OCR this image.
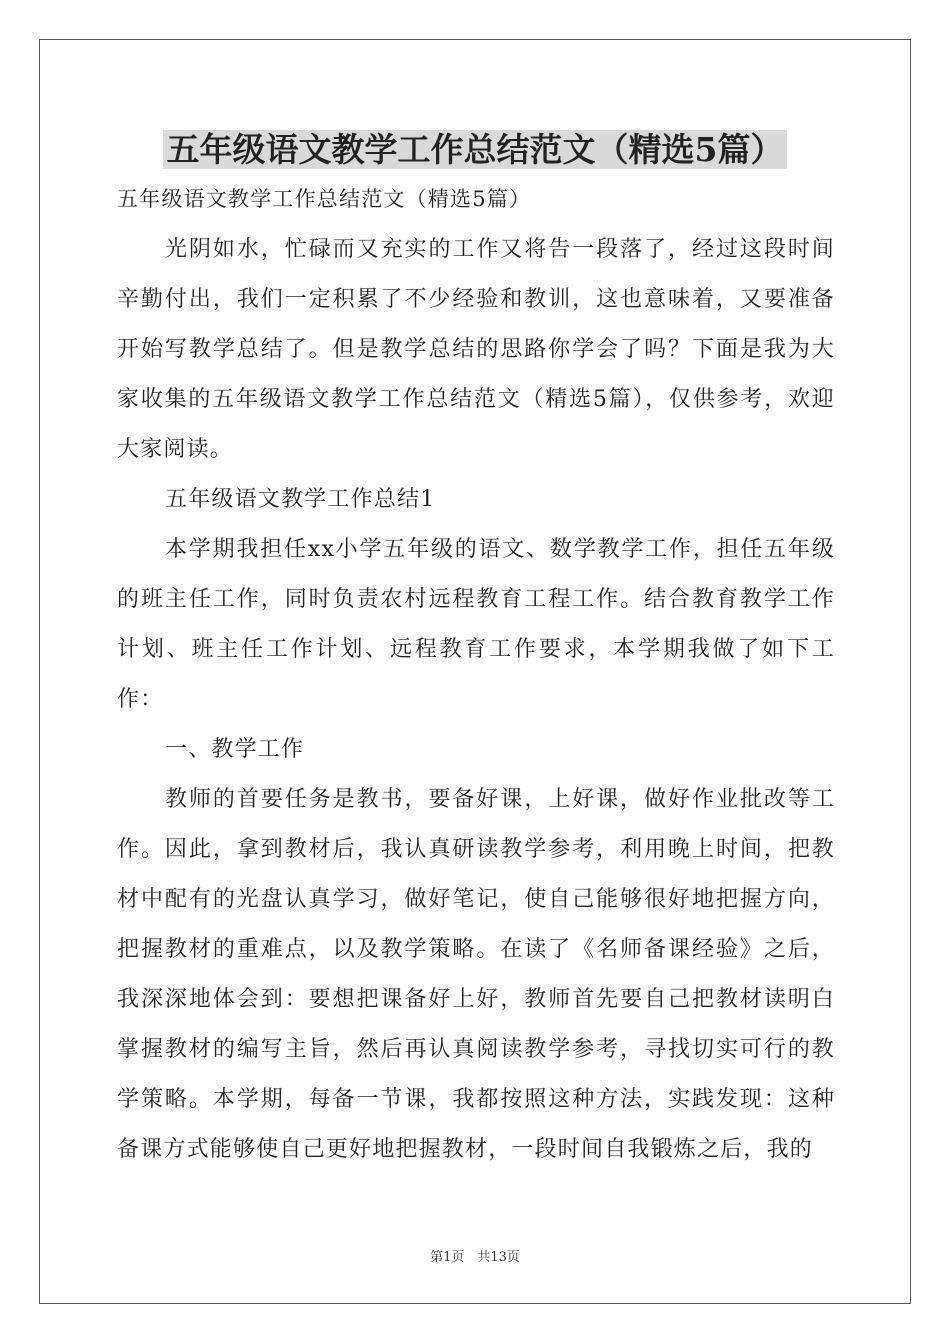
五年级语文教学工作总结范文（精选5篇）

五年级语文教学工作总结范文（精选5篇）

光阴如水，忙碌而又充实的工作又将告一段落了，经过这段时间辛勤付出，我们一定积累了不少经验和教训，这也意味着，又要准备开始写教学总结了。但是教学总结的思路你学会了吗？下面是我为大家收集的五年级语文教学工作总结范文（精选5篇），仅供参考，欢迎大家阅读。

五年级语文教学工作总结1

本学期我担任xx小学五年级的语文、数学教学工作，担任五年级的班主任工作，同时负责农村远程教育工程工作。结合教育教学工作计划、班主任工作计划、远程教育工作要求，本学期我做了如下工作：

一、教学工作

教师的首要任务是教书，要备好课，上好课，做好作业批改等工作。因此，拿到教材后，我认真研读教学参考，利用晚上时间，把教材中配有的光盘认真学习，做好笔记，使自己能够很好地把握方向，把握教材的重难点，以及教学策略。在读了《名师备课经验》之后，我深深地体会到：要想把课备好上好，教师首先要自己把教材读明白掌握教材的编写主旨，然后再认真阅读教学参考，寻找切实可行的教学策略。本学期，每备一节课，我都按照这种方法，实践发现：这种备课方式能够使自己更好地把握教材，一段时间自我锻炼之后，我的

第1页　共13页
